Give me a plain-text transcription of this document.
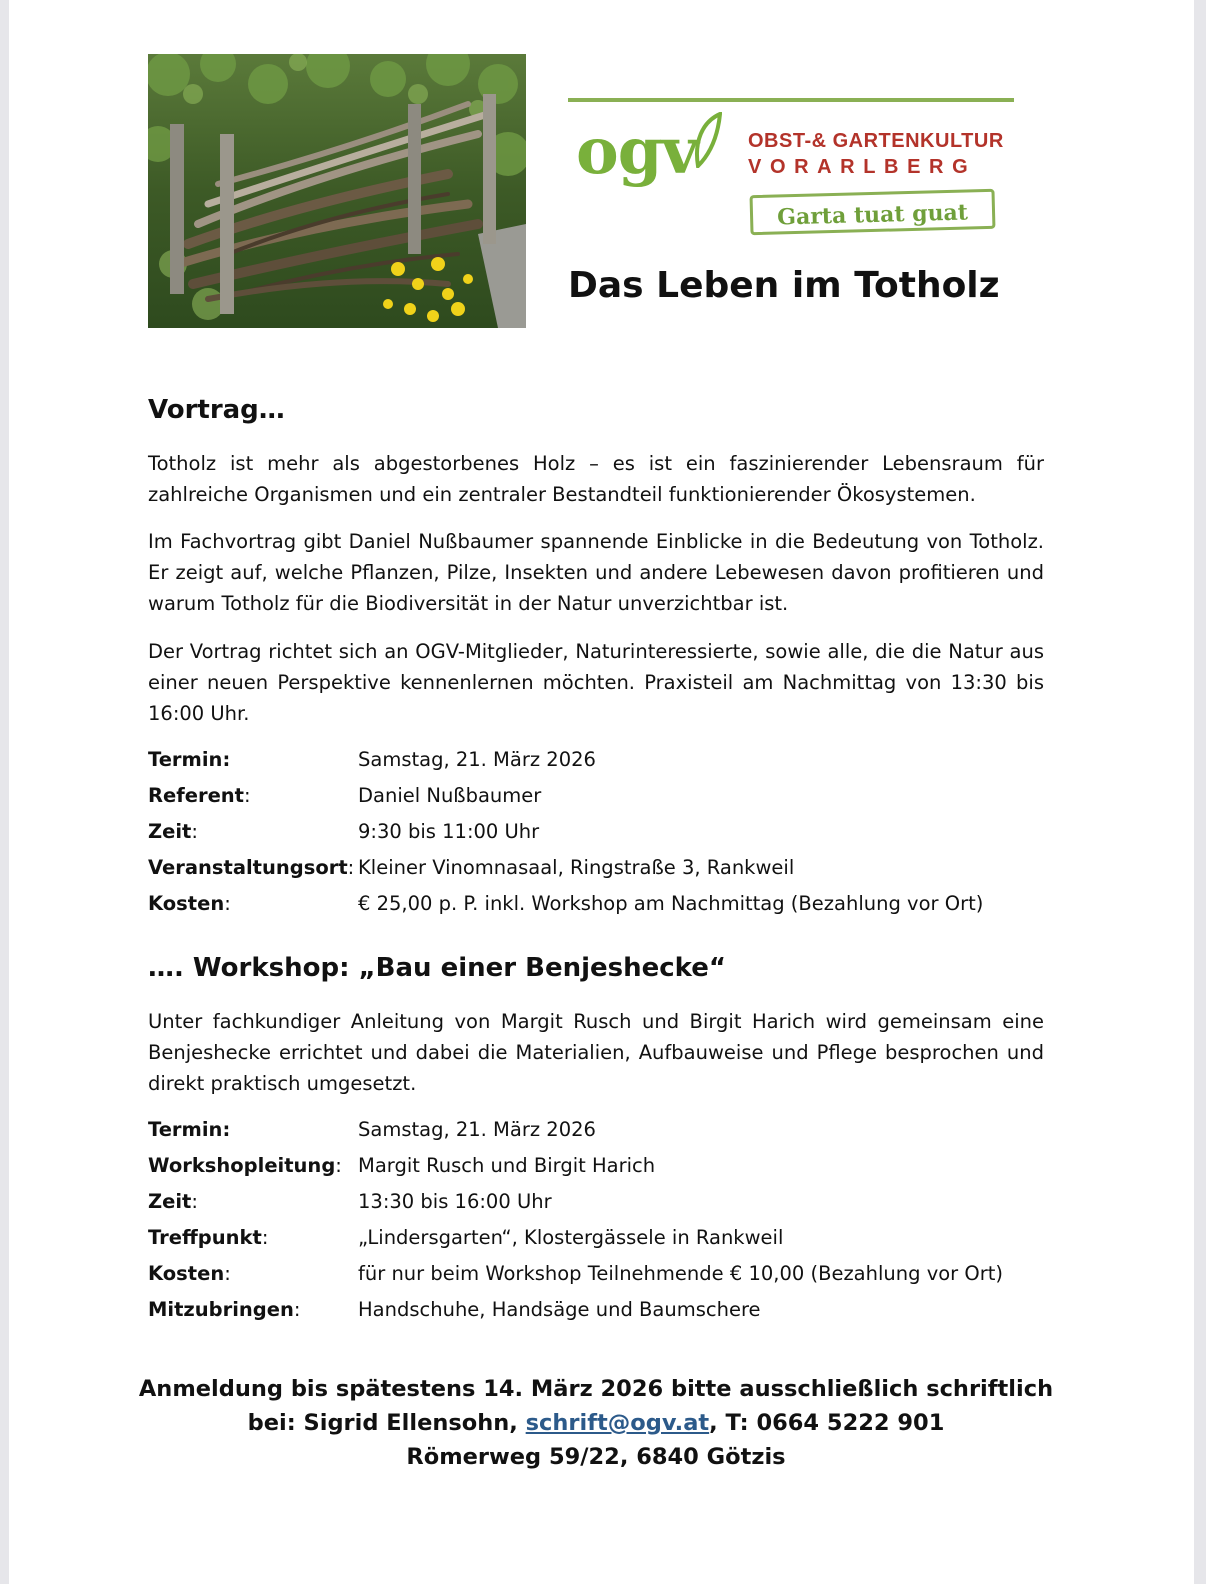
ogv	OBST-& GARTENKULTUR
VORARLBERG
Garta tuat guat
Das Leben im Totholz
Vortrag…

Totholz ist mehr als abgestorbenes Holz – es ist ein faszinierender Lebensraum für zahlreiche Organismen und ein zentraler Bestandteil funktionierender Ökosystemen.

Im Fachvortrag gibt Daniel Nußbaumer spannende Einblicke in die Bedeutung von Totholz. Er zeigt auf, welche Pflanzen, Pilze, Insekten und andere Lebewesen davon profitieren und warum Totholz für die Biodiversität in der Natur unverzichtbar ist.

Der Vortrag richtet sich an OGV-Mitglieder, Naturinteressierte, sowie alle, die die Natur aus einer neuen Perspektive kennenlernen möchten. Praxisteil am Nachmittag von 13:30 bis 16:00 Uhr.

Termin:	Samstag, 21. März 2026
Referent:	Daniel Nußbaumer
Zeit:	9:30 bis 11:00 Uhr
Veranstaltungsort: Kleiner Vinomnasaal, Ringstraße 3, Rankweil
Kosten:	€ 25,00 p. P. inkl. Workshop am Nachmittag (Bezahlung vor Ort)
…. Workshop: „Bau einer Benjeshecke“

Unter fachkundiger Anleitung von Margit Rusch und Birgit Harich wird gemeinsam eine Benjeshecke errichtet und dabei die Materialien, Aufbauweise und Pflege besprochen und direkt praktisch umgesetzt.

Termin:	Samstag, 21. März 2026
Workshopleitung: Margit Rusch und Birgit Harich
Zeit:	13:30 bis 16:00 Uhr
Treffpunkt:	„Lindersgarten“, Klostergässele in Rankweil
Kosten:	für nur beim Workshop Teilnehmende € 10,00 (Bezahlung vor Ort)
Mitzubringen:	Handschuhe, Handsäge und Baumschere
Anmeldung bis spätestens 14. März 2026 bitte ausschließlich schriftlich
bei: Sigrid Ellensohn, schrift@ogv.at, T: 0664 5222 901
Römerweg 59/22, 6840 Götzis
